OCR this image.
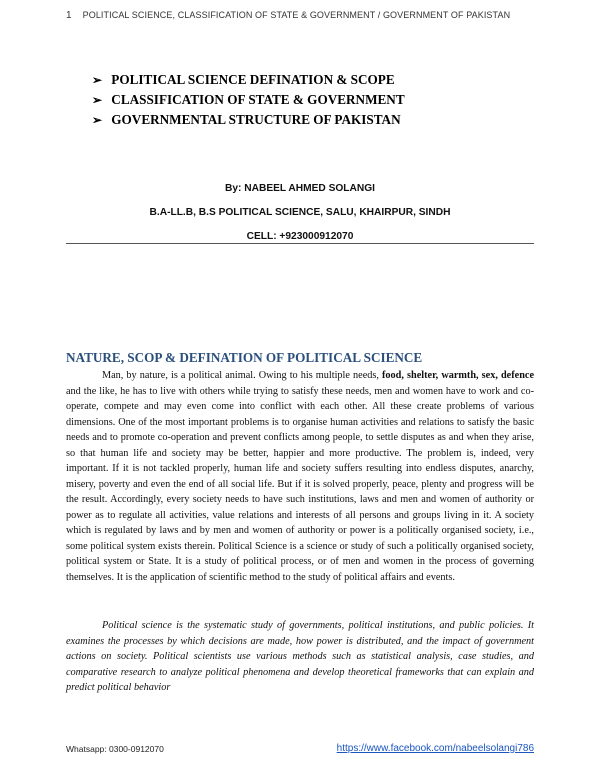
1 POLITICAL SCIENCE, CLASSIFICATION OF STATE & GOVERNMENT / GOVERNMENT OF PAKISTAN
➢ POLITICAL SCIENCE DEFINATION & SCOPE
➢ CLASSIFICATION OF STATE & GOVERNMENT
➢ GOVERNMENTAL STRUCTURE OF PAKISTAN
By: NABEEL AHMED SOLANGI
B.A-LL.B, B.S POLITICAL SCIENCE, SALU, KHAIRPUR, SINDH
CELL: +923000912070
NATURE, SCOP & DEFINATION OF POLITICAL SCIENCE

Man, by nature, is a political animal. Owing to his multiple needs, food, shelter, warmth, sex, defence and the like, he has to live with others while trying to satisfy these needs, men and women have to work and co-operate, compete and may even come into conflict with each other. All these create problems of various dimensions. One of the most important problems is to organise human activities and relations to satisfy the basic needs and to promote co-operation and prevent conflicts among people, to settle disputes as and when they arise, so that human life and society may be better, happier and more productive. The problem is, indeed, very important. If it is not tackled properly, human life and society suffers resulting into endless disputes, anarchy, misery, poverty and even the end of all social life. But if it is solved properly, peace, plenty and progress will be the result. Accordingly, every society needs to have such institutions, laws and men and women of authority or power as to regulate all activities, value relations and interests of all persons and groups living in it. A society which is regulated by laws and by men and women of authority or power is a politically organised society, i.e., some political system exists therein. Political Science is a science or study of such a politically organised society, political system or State. It is a study of political process, or of men and women in the process of governing themselves. It is the application of scientific method to the study of political affairs and events.

Political science is the systematic study of governments, political institutions, and public policies. It examines the processes by which decisions are made, how power is distributed, and the impact of government actions on society. Political scientists use various methods such as statistical analysis, case studies, and comparative research to analyze political phenomena and develop theoretical frameworks that can explain and predict political behavior

Whatsapp: 0300-0912070	https://www.facebook.com/nabeelsolangi786
